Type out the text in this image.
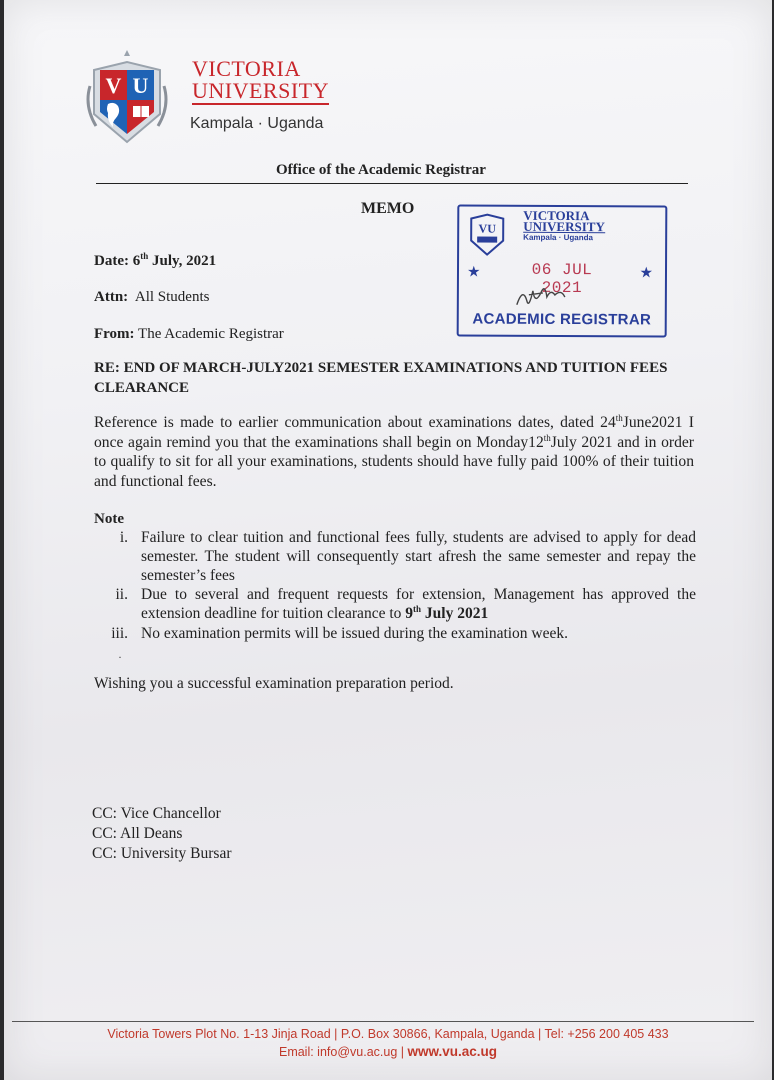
V U
VICTORIA
UNIVERSITY
Kampala · Uganda
Office of the Academic Registrar
MEMO
VU
VICTORIA
UNIVERSITY
Kampala · Uganda
★	06 JUL 2021
★
ACADEMIC REGISTRAR
Date: 6th July, 2021
Attn: All Students
From: The Academic Registrar
RE: END OF MARCH-JULY2021 SEMESTER EXAMINATIONS AND TUITION FEES CLEARANCE
Reference is made to earlier communication about examinations dates, dated 24thJune2021 I once again remind you that the examinations shall begin on Monday12thJuly 2021 and in order to qualify to sit for all your examinations, students should have fully paid 100% of their tuition and functional fees.
Note
i. Failure to clear tuition and functional fees fully, students are advised to apply for dead semester. The student will consequently start afresh the same semester and repay the semester’s fees
ii. Due to several and frequent requests for extension, Management has approved the extension deadline for tuition clearance to 9th July 2021
iii. No examination permits will be issued during the examination week.
·
Wishing you a successful examination preparation period.
CC: Vice Chancellor
CC: All Deans
CC: University Bursar
Victoria Towers Plot No. 1-13 Jinja Road | P.O. Box 30866, Kampala, Uganda | Tel: +256 200 405 433
Email: info@vu.ac.ug | www.vu.ac.ug
